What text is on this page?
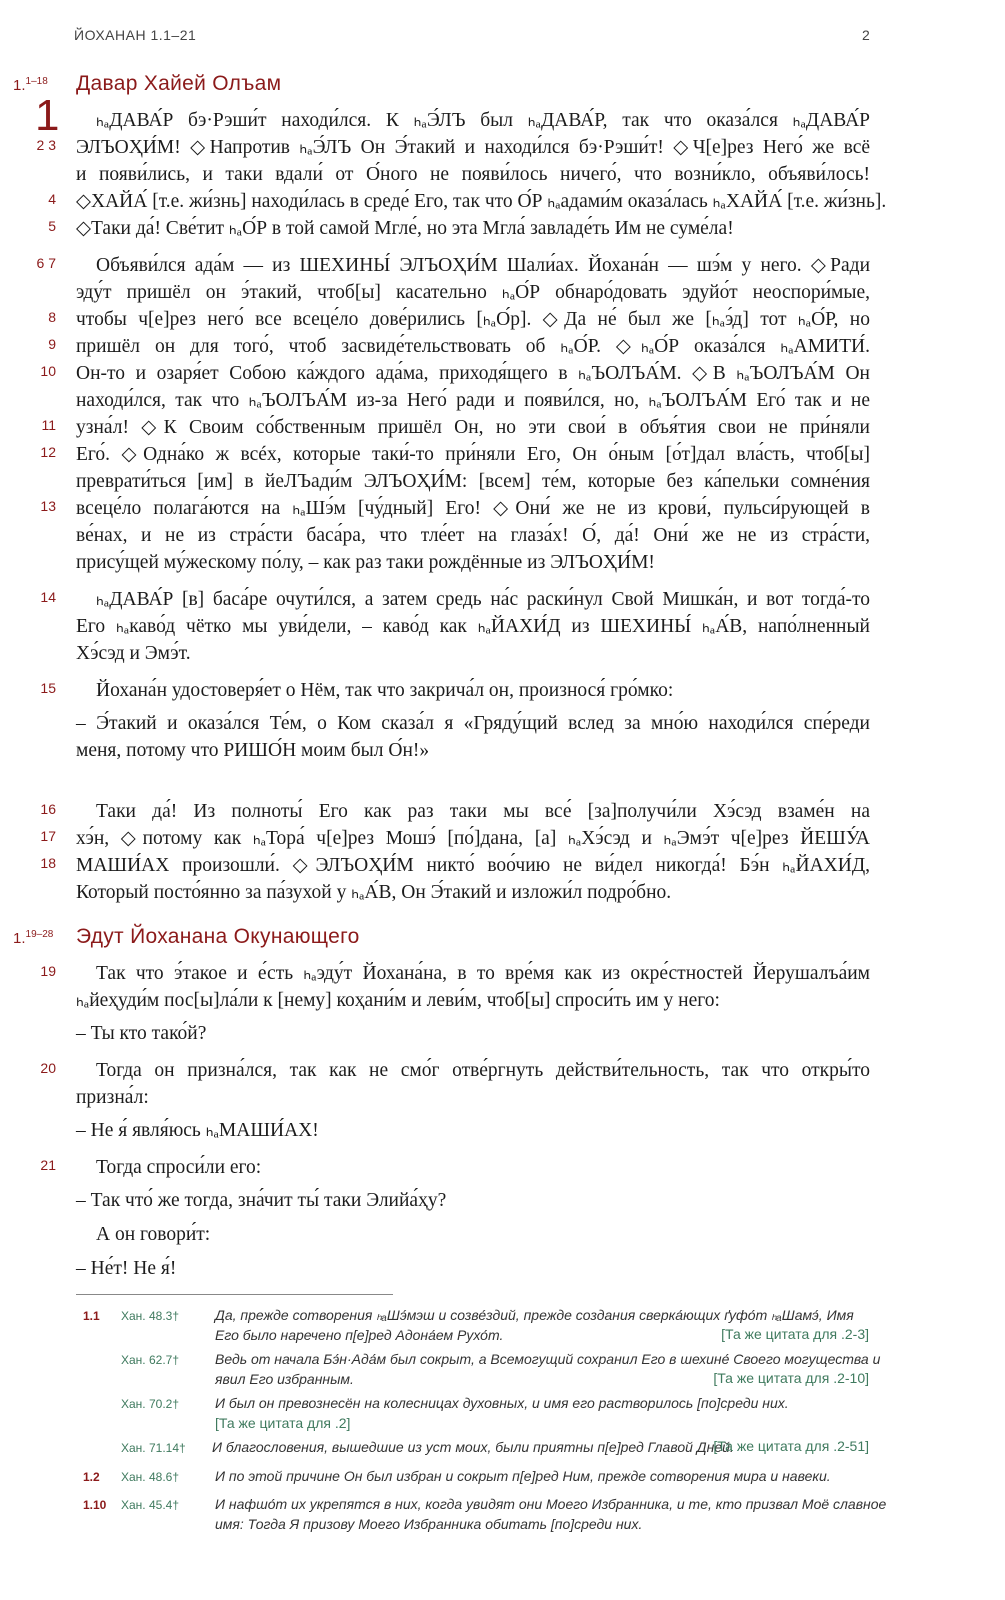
ЙОХАНАН 1.1–21	2
1.$^{1-18}$ Давар Хайей Олъам
1
2 3
4
5
6 7
8
9
10
11
12
13
14
15
16
17
18
19
20
21
ₕₐДАВА́Р бэ·Рэши́т находи́лся. К ₕₐЭ́ЛЪ был ₕₐДАВА́Р, так что оказа́лся ₕₐДАВА́Р
ЭЛЪОҲИ́М! ◇Напротив ₕₐЭ́ЛЪ Он Э́такий и находи́лся бэ·Рэши́т! ◇Ч[е]рез Него́ же всё
и появи́лись, и таки вдали́ от О́ного не появи́лось ничего́, что возни́кло, объяви́лось!
◇ХАЙА́ [т.е. жи́знь] находи́лась в среде́ Его, так что О́Р ₕₐадами́м оказа́лась ₕₐХАЙА́ [т.е. жи́знь].
◇Таки да́! Све́тит ₕₐО́Р в той самой Мгле́, но эта Мгла́ завладе́ть Им не суме́ла!
Объяви́лся ада́м — из ШЕХИНЫ́ ЭЛЪОҲИ́М Шали́ах. Йохана́н — шэ́м у него. ◇Ради
эду́т пришёл он э́такий, чтоб[ы] касательно ₕₐО́Р обнаро́довать эдуйо́т неоспори́мые,
чтобы ч[е]рез него́ все всеце́ло дове́рились [ₕₐО́р]. ◇Да не́ был же [ₕₐэ́д] тот ₕₐО́Р, но
пришёл он для того́, чтоб засвиде́тельствовать об ₕₐО́Р. ◇ₕₐО́Р оказа́лся ₕₐАМИТИ́.
Он-то и озаря́ет Собою ка́ждого ада́ма, приходя́щего в ₕₐЪОЛЪА́М. ◇В ₕₐЪОЛЪА́М Он
находи́лся, так что ₕₐЪОЛЪА́М из-за Него́ ради и появи́лся, но, ₕₐЪОЛЪА́М Его́ так и не
узна́л! ◇К Своим со́бственным пришёл Он, но эти свои́ в объя́тия свои не при́няли
Его́. ◇Одна́ко ж всéх, которые таки́-то при́няли Его, Он о́ным [о́т]дал вла́сть, чтоб[ы]
преврати́ться [им] в йеЛЪади́м ЭЛЪОҲИ́М: [всем] те́м, которые без ка́пельки сомне́ния
всеце́ло полага́ются на ₕₐШэ́м [чу́дный] Его! ◇Они́ же не из крови́, пульси́рующей в
ве́нах, и не из стра́сти баса́ра, что тле́ет на глаза́х! О́, да́! Они́ же не из стра́сти,
прису́щей му́жескому по́лу, – как раз таки рождённые из ЭЛЪОҲИ́М!
ₕₐДАВА́Р [в] баса́ре очути́лся, а затем средь на́с раски́нул Свой Мишка́н, и вот тогда́-то
Его ₕₐкаво́д чётко мы уви́дели, – каво́д как ₕₐЙАХИ́Д из ШЕХИНЫ́ ₕₐА́В, напо́лненный
Хэ́сэд и Эмэ́т.
Йохана́н удостоверя́ет о Нём, так что закрича́л он, произнося́ гро́мко:
– Э́такий и оказа́лся Те́м, о Ком сказа́л я «Гряду́щий вслед за мно́ю находи́лся спе́реди
меня, потому что РИШО́Н моим был О́н!»
Таки да́! Из полноты́ Его как раз таки мы все́ [за]получи́ли Хэ́сэд взаме́н на
хэ́н, ◇потому как ₕₐТора́ ч[е]рез Мошэ́ [по́]дана, [а] ₕₐХэ́сэд и ₕₐЭмэ́т ч[е]рез ЙЕШУ́А
МАШИ́АХ произошли́. ◇ЭЛЪОҲИ́М никто́ воо́чию не ви́дел никогда́! Бэ́н ₕₐЙАХИ́Д,
Который посто́янно за па́зухой у ₕₐА́В, Он Э́такий и изложи́л подро́бно.
1.$^{19-28}$ Эдут Йоханана Окунающего
Так что э́такое и е́сть ₕₐэду́т Йохана́на, в то вре́мя как из окре́стностей Йерушалъа́им
ₕₐйеҳуди́м пос[ы]ла́ли к [нему] коҳани́м и леви́м, чтоб[ы] спроси́ть им у него:
– Ты кто тако́й?
Тогда он призна́лся, так как не смо́г отве́ргнуть действи́тельность, так что откры́то
призна́л:
– Не я́ явля́юсь ₕₐМАШИ́АХ!
Тогда спроси́ли его:
– Так что́ же тогда, зна́чит ты́ таки Элийа́ҳу?
А он говори́т:
– Не́т! Не я́!
1.1 Хан. 48.3†	Да, прежде сотворения ₕₐШэ́мэш и созве́здий, прежде создания сверка́ющих ґуфо́т ₕₐШамэ́, Имя
Его было наречено п[е]ред Адона́ем Рухо́т.	[Та же цитата для .2-3]
Хан. 62.7†	Ведь от начала Бэ́н·Ада́м был сокрыт, а Всемогущий сохранил Его в шехине́ Своего могущества и
явил Его избранным.	[Та же цитата для .2-10]
Хан. 70.2†	И был он превознесён на колесницах духовных, и имя его растворилось [по]среди них.
[Та же цитата для .2]
Хан. 71.14† И благословения, вышедшие из уст моих, были приятны п[е]ред Главой Дней.
[Та же цитата для .2-51]
1.2 Хан. 48.6†	И по этой причине Он был избран и сокрыт п[е]ред Ним, прежде сотворения мира и навеки.
1.10 Хан. 45.4†	И нафшо́т их укрепятся в них, когда увидят они Моего Избранника, и те, кто призвал Моё славное
имя: Тогда Я призову Моего Избранника обитать [по]среди них.
